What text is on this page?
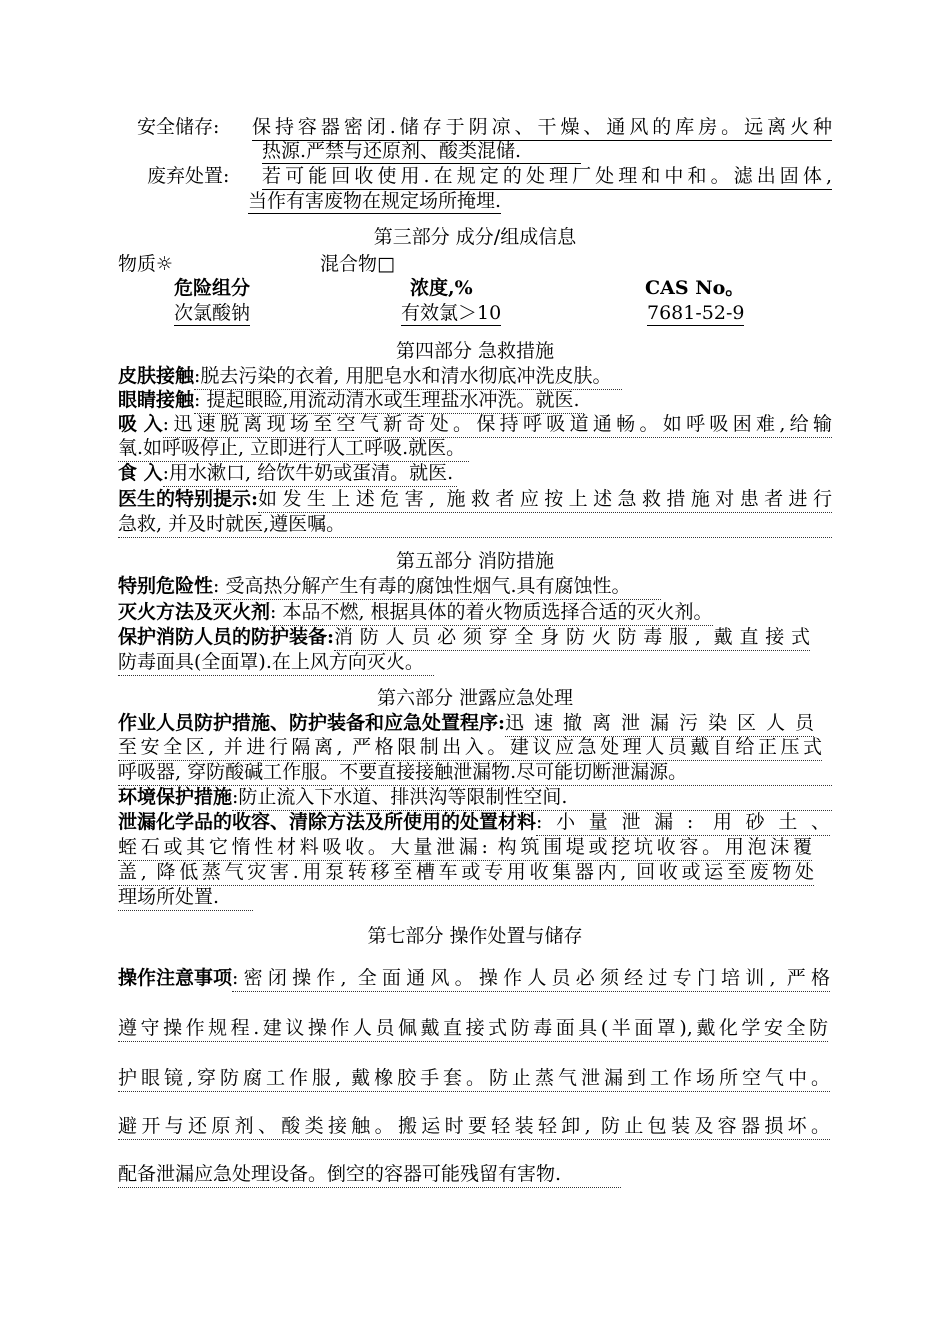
安全储存: 保持容器密闭.储存于阴凉、干燥、通风的库房。远离火种
热源.严禁与还原剂、酸类混储.
废弃处置: 若可能回收使用.在规定的处理厂处理和中和。滤出固体,
当作有害废物在规定场所掩埋.
第三部分 成分/组成信息
物质☼	混合物□
危险组分	浓度,%	CAS No。
次氯酸钠	有效氯＞10	7681-52-9
第四部分 急救措施
皮肤接触:脱去污染的衣着, 用肥皂水和清水彻底冲洗皮肤。
眼睛接触: 提起眼睑,用流动清水或生理盐水冲洗。就医.
吸 入 :迅速脱离现场至空气新奇处。保持呼吸道通畅。如呼吸困难,给输
氧.如呼吸停止, 立即进行人工呼吸.就医。
食 入:用水漱口, 给饮牛奶或蛋清。就医.
医生的特别提示: 如发生上述危害, 施救者应按上述急救措施对患者进行
急救, 并及时就医,遵医嘱。
第五部分 消防措施
特别危险性: 受高热分解产生有毒的腐蚀性烟气.具有腐蚀性。
灭火方法及灭火剂: 本品不燃, 根据具体的着火物质选择合适的灭火剂。
保护消防人员的防护装备: 消防人员必须穿全身防火防毒服, 戴直接式
防毒面具(全面罩).在上风方向灭火。
第六部分 泄露应急处理
作业人员防护措施、防护装备和应急处置程序: 迅速撤离泄漏污染区人员
至安全区, 并进行隔离, 严格限制出入。建议应急处理人员戴自给正压式
呼吸器, 穿防酸碱工作服。不要直接接触泄漏物.尽可能切断泄漏源。
环境保护措施 :防止流入下水道、排洪沟等限制性空间.
泄漏化学品的收容、清除方法及所使用的处置材料 :小量泄漏: 用砂土、
蛭石或其它惰性材料吸收。大量泄漏: 构筑围堤或挖坑收容。用泡沫覆
盖, 降低蒸气灾害.用泵转移至槽车或专用收集器内, 回收或运至废物处
理场所处置.
第七部分 操作处置与储存
操作注意事项 :密闭操作, 全面通风。操作人员必须经过专门培训, 严格
遵守操作规程.建议操作人员佩戴直接式防毒面具(半面罩),戴化学安全防
护眼镜,穿防腐工作服, 戴橡胶手套。防止蒸气泄漏到工作场所空气中。
避开与还原剂、酸类接触。搬运时要轻装轻卸, 防止包装及容器损坏。
配备泄漏应急处理设备。倒空的容器可能残留有害物.
